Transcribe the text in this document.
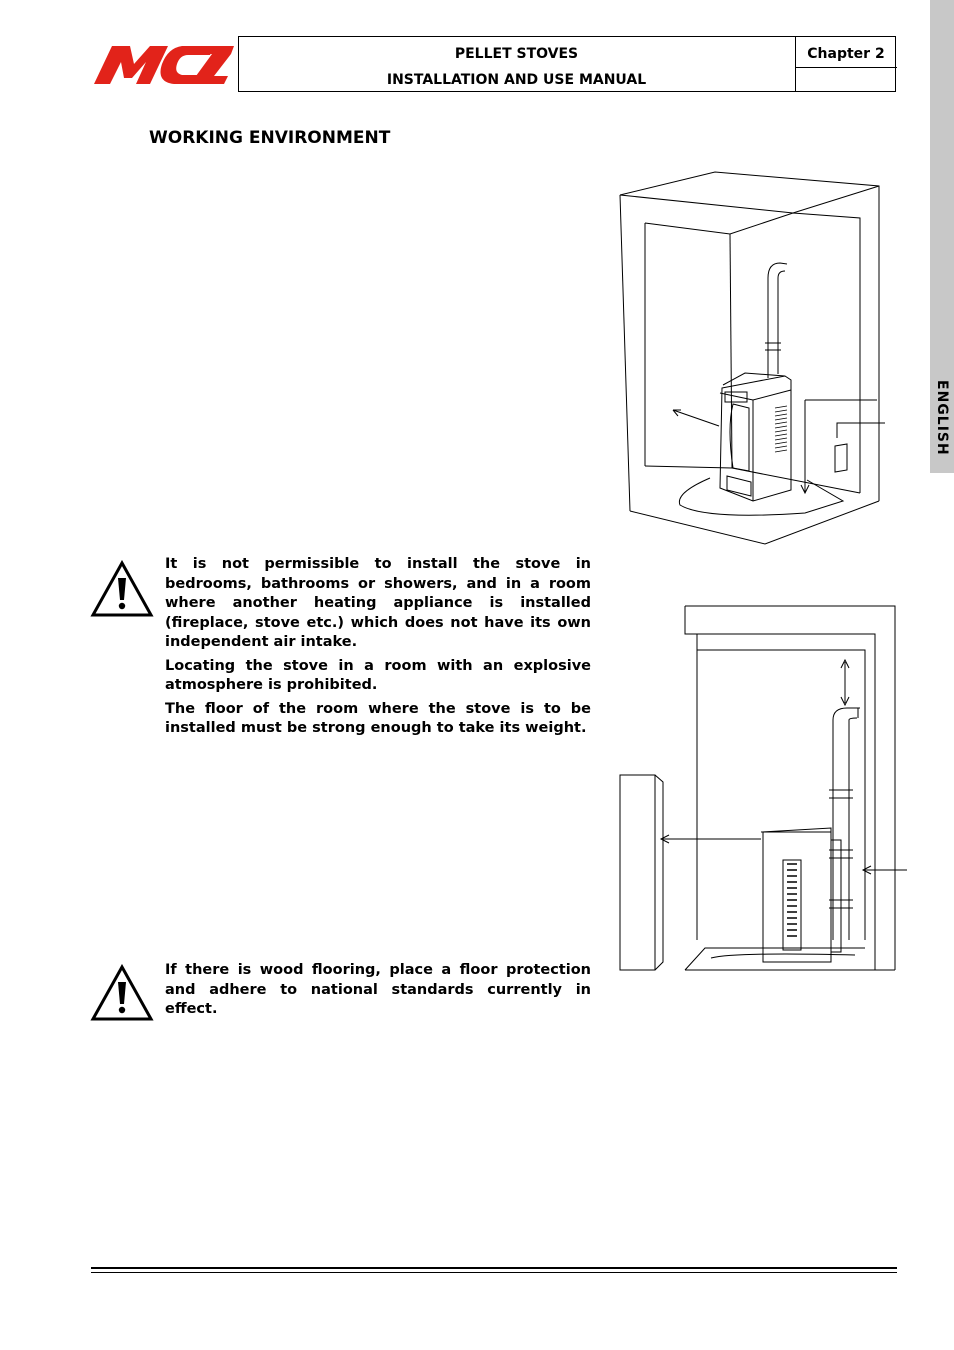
PELLET STOVES
INSTALLATION AND USE MANUAL
Chapter 2
ENGLISH
WORKING ENVIRONMENT

It is not permissible to install the stove in bedrooms, bathrooms or showers, and in a room where another heating appliance is installed (fireplace, stove etc.) which does not have its own independent air intake.

Locating the stove in a room with an explosive atmosphere is prohibited.

The floor of the room where the stove is to be installed must be strong enough to take its weight.

If there is wood flooring, place a floor protection and adhere to national standards currently in effect.
